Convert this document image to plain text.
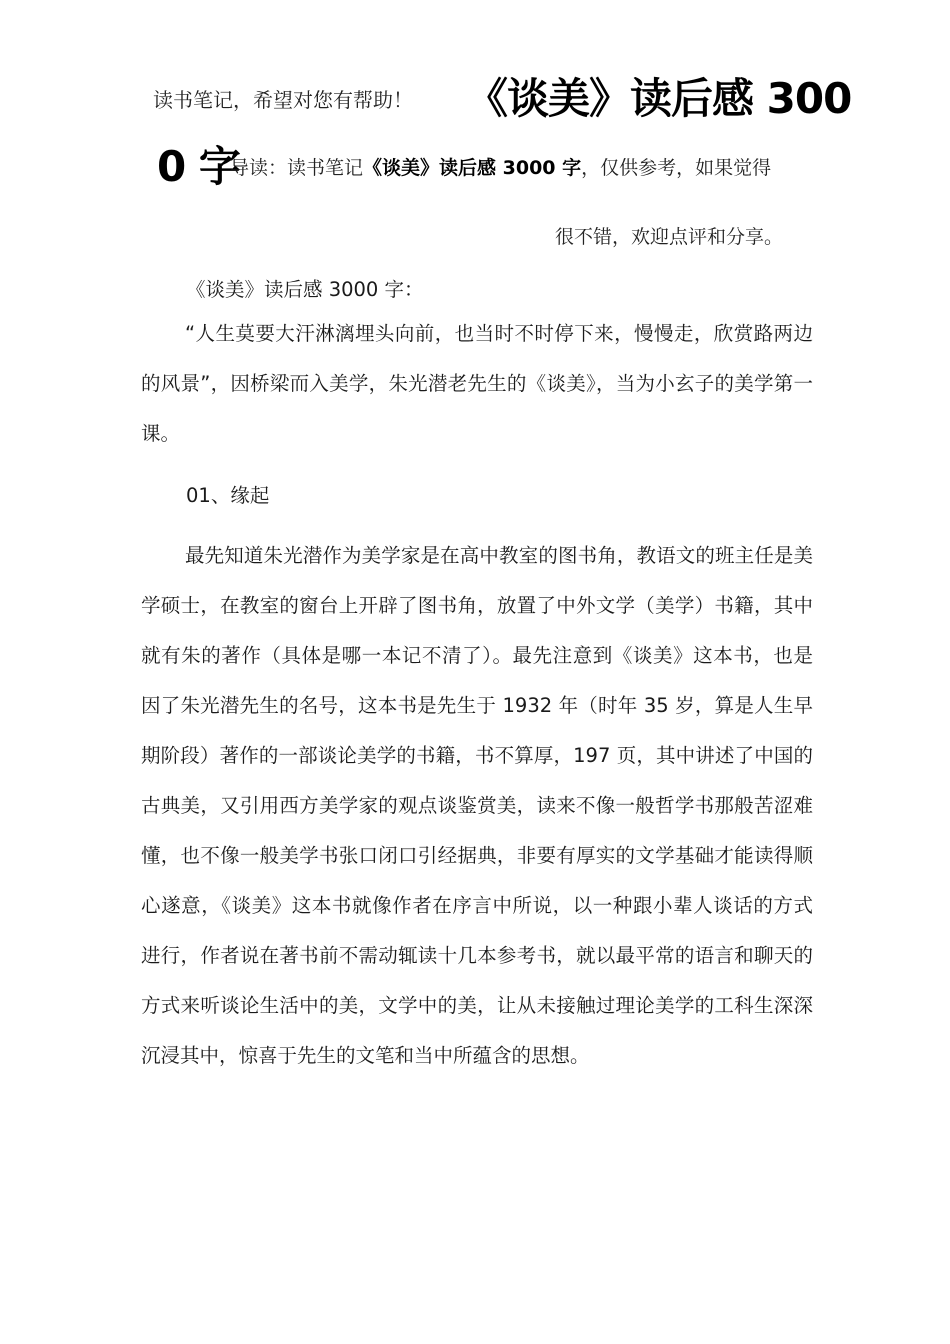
读书笔记，希望对您有帮助！ 《谈美》读后感 300
0 字
导读：读书笔记《谈美》读后感 3000 字，仅供参考，如果觉得
很不错，欢迎点评和分享。
《谈美》读后感 3000 字：
“人生莫要大汗淋漓埋头向前，也当时不时停下来，慢慢走，欣赏路两边的风景”，因桥梁而入美学，朱光潜老先生的《谈美》，当为小玄子的美学第一课。
01、缘起
最先知道朱光潜作为美学家是在高中教室的图书角，教语文的班主任是美学硕士，在教室的窗台上开辟了图书角，放置了中外文学（美学）书籍，其中就有朱的著作（具体是哪一本记不清了）。最先注意到《谈美》这本书，也是因了朱光潜先生的名号，这本书是先生于 1932 年（时年 35 岁，算是人生早期阶段）著作的一部谈论美学的书籍，书不算厚，197 页，其中讲述了中国的古典美，又引用西方美学家的观点谈鉴赏美，读来不像一般哲学书那般苦涩难懂，也不像一般美学书张口闭口引经据典，非要有厚实的文学基础才能读得顺心遂意，《谈美》这本书就像作者在序言中所说，以一种跟小辈人谈话的方式进行，作者说在著书前不需动辄读十几本参考书，就以最平常的语言和聊天的方式来听谈论生活中的美，文学中的美，让从未接触过理论美学的工科生深深沉浸其中，惊喜于先生的文笔和当中所蕴含的思想。
